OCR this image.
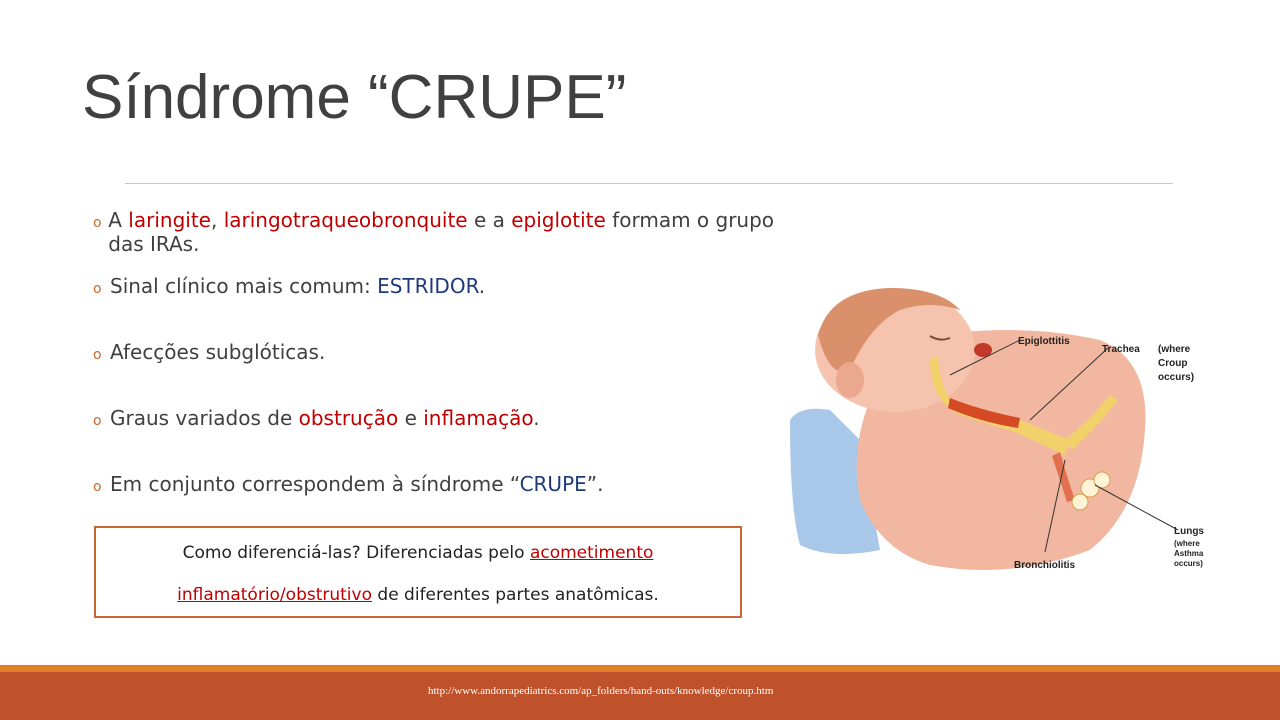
Síndrome “CRUPE”
o A laringite, laringotraqueobronquite e a epiglotite formam o grupo das IRAs.
o Sinal clínico mais comum: ESTRIDOR.
o Afecções subglóticas.
o Graus variados de obstrução e inflamação.
o Em conjunto correspondem à síndrome “CRUPE”.
Como diferenciá-las? Diferenciadas pelo acometimento
inflamatório/obstrutivo de diferentes partes anatômicas.
Epiglottitis
Trachea (where
Croup
occurs)
Lungs
(where
Asthma
occurs)
Bronchiolitis
http://www.andorrapediatrics.com/ap_folders/hand-outs/knowledge/croup.htm
